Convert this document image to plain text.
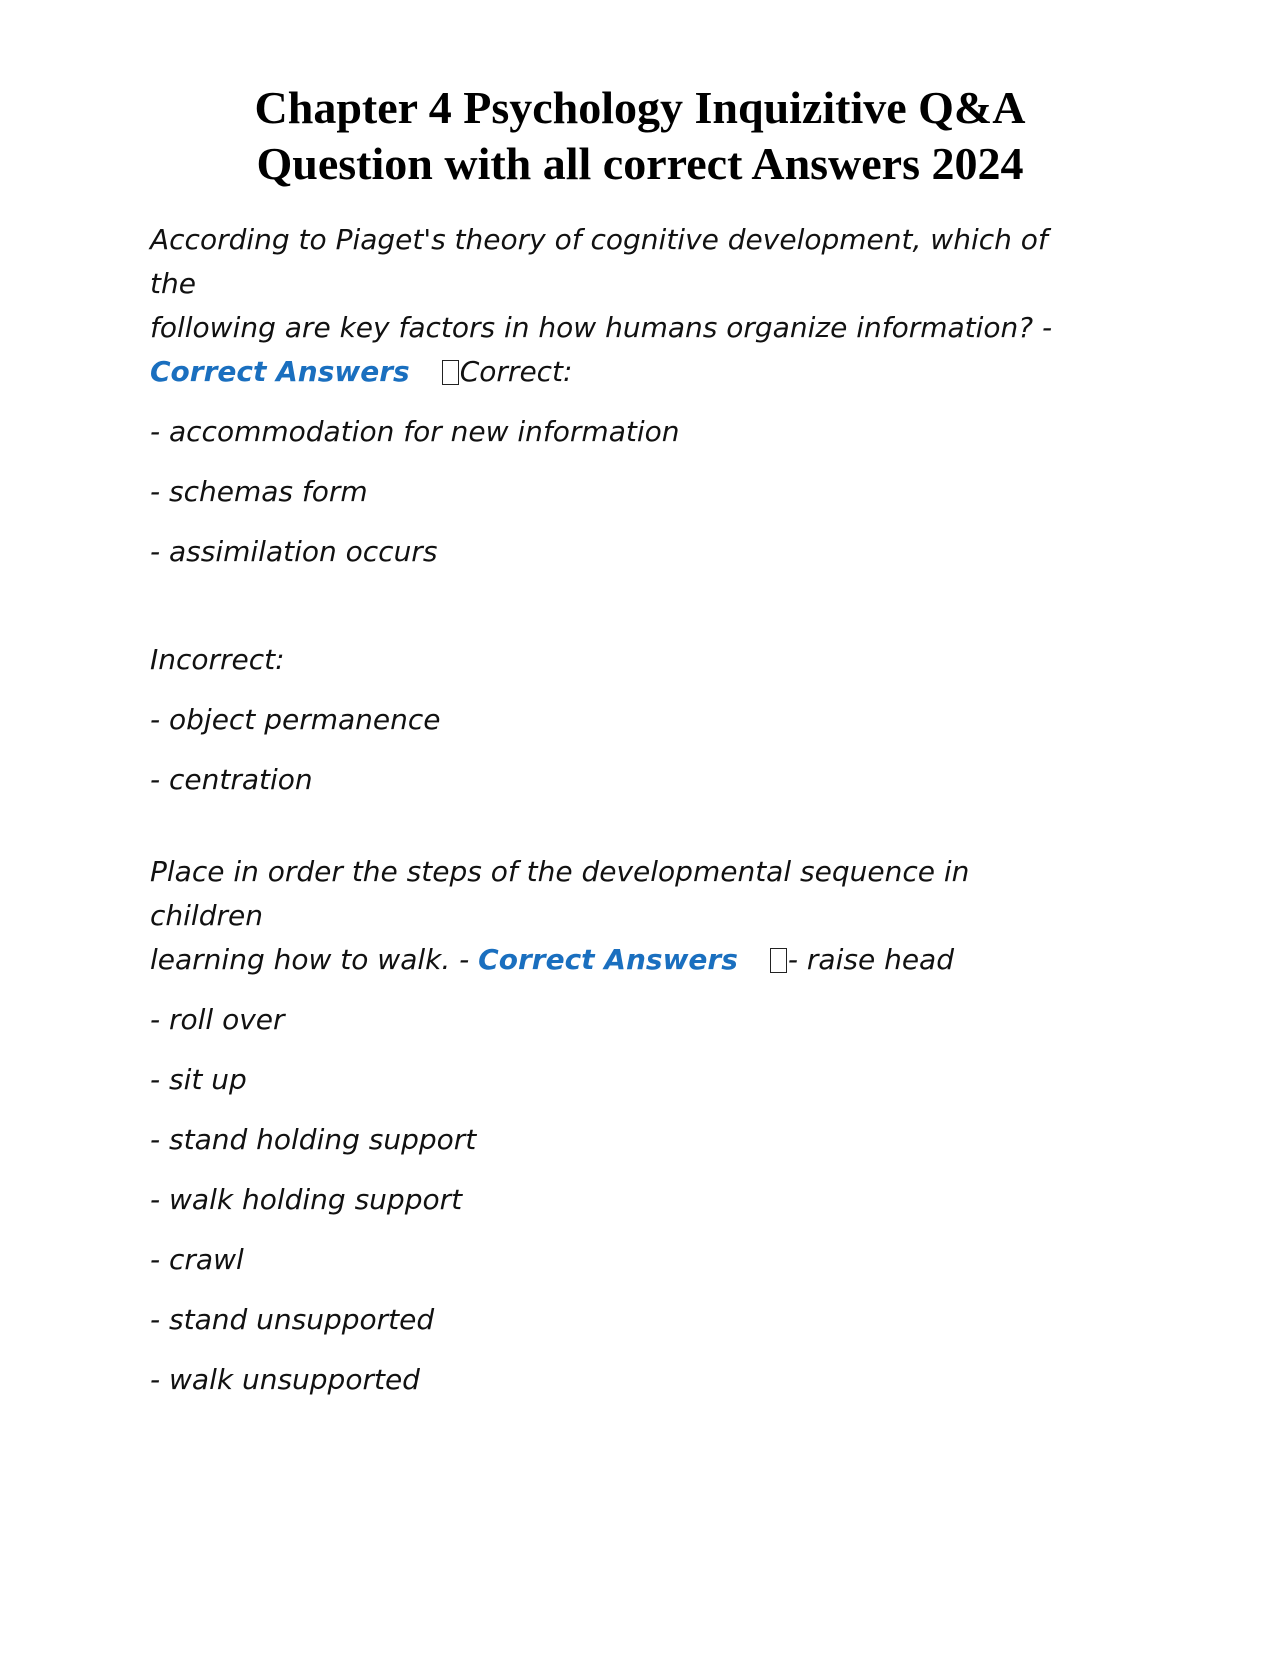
Chapter 4 Psychology Inquizitive Q&A
Question with all correct Answers 2024

According to Piaget's theory of cognitive development, which of the
following are key factors in how humans organize information? -
Correct Answers Correct:

- accommodation for new information

- schemas form

- assimilation occurs

Incorrect:

- object permanence

- centration

Place in order the steps of the developmental sequence in children
learning how to walk. - Correct Answers - raise head

- roll over

- sit up

- stand holding support

- walk holding support

- crawl

- stand unsupported

- walk unsupported
